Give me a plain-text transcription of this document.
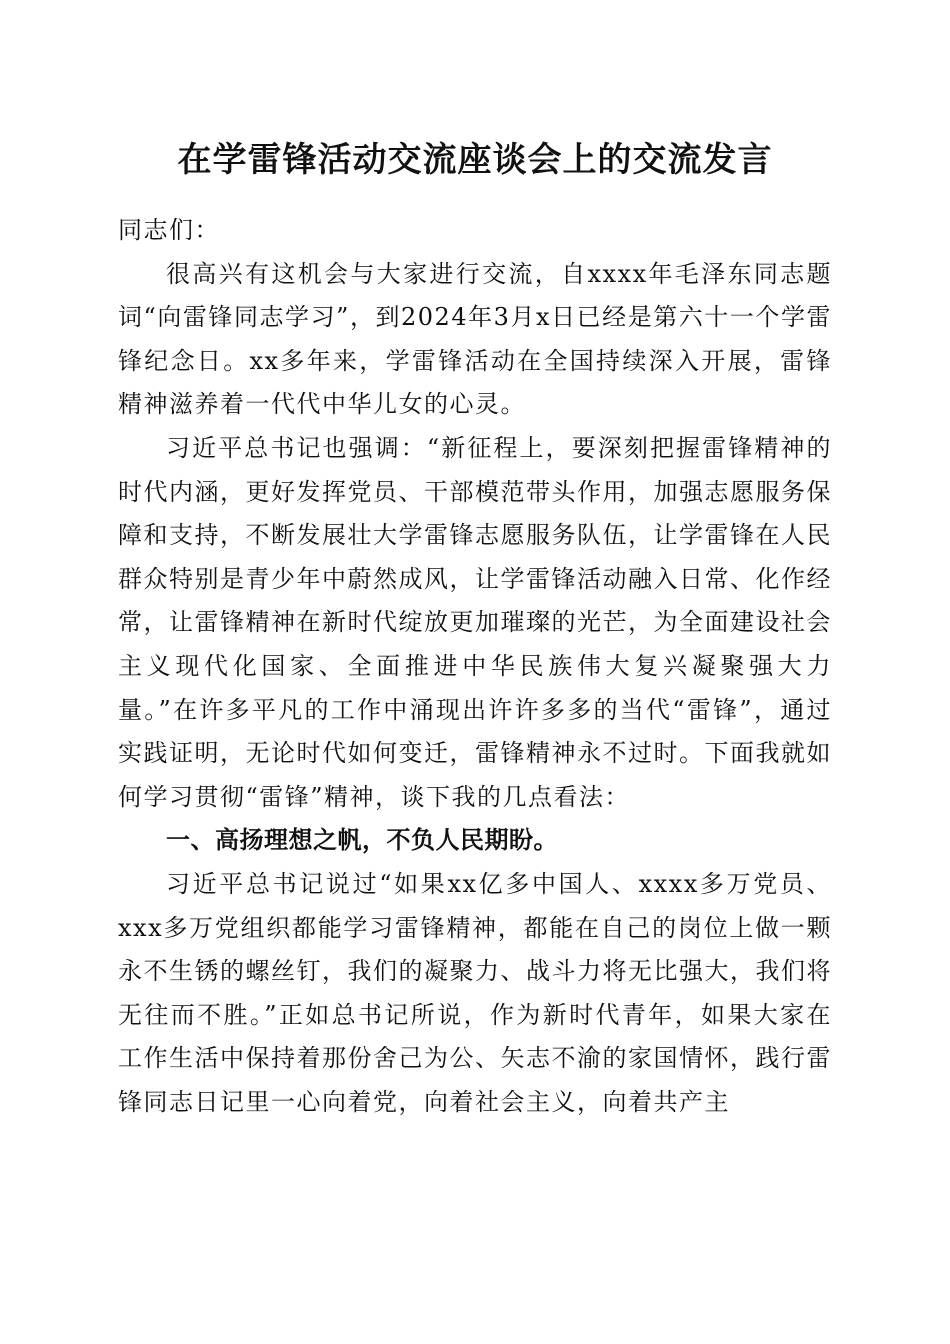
在学雷锋活动交流座谈会上的交流发言

同志们：

很高兴有这机会与大家进行交流，自xxxx年毛泽东同志题词“向雷锋同志学习”，到2024年3月x日已经是第六十一个学雷锋纪念日。xx多年来，学雷锋活动在全国持续深入开展，雷锋精神滋养着一代代中华儿女的心灵。

习近平总书记也强调：“新征程上，要深刻把握雷锋精神的时代内涵，更好发挥党员、干部模范带头作用，加强志愿服务保障和支持，不断发展壮大学雷锋志愿服务队伍，让学雷锋在人民群众特别是青少年中蔚然成风，让学雷锋活动融入日常、化作经常，让雷锋精神在新时代绽放更加璀璨的光芒，为全面建设社会主义现代化国家、全面推进中华民族伟大复兴凝聚强大力量。”在许多平凡的工作中涌现出许许多多的当代“雷锋”，通过实践证明，无论时代如何变迁，雷锋精神永不过时。下面我就如何学习贯彻“雷锋”精神，谈下我的几点看法：

一、高扬理想之帆，不负人民期盼。

习近平总书记说过“如果xx亿多中国人、xxxx多万党员、xxx多万党组织都能学习雷锋精神，都能在自己的岗位上做一颗永不生锈的螺丝钉，我们的凝聚力、战斗力将无比强大，我们将无往而不胜。”正如总书记所说，作为新时代青年，如果大家在工作生活中保持着那份舍己为公、矢志不渝的家国情怀，践行雷锋同志日记里一心向着党，向着社会主义，向着共产主
